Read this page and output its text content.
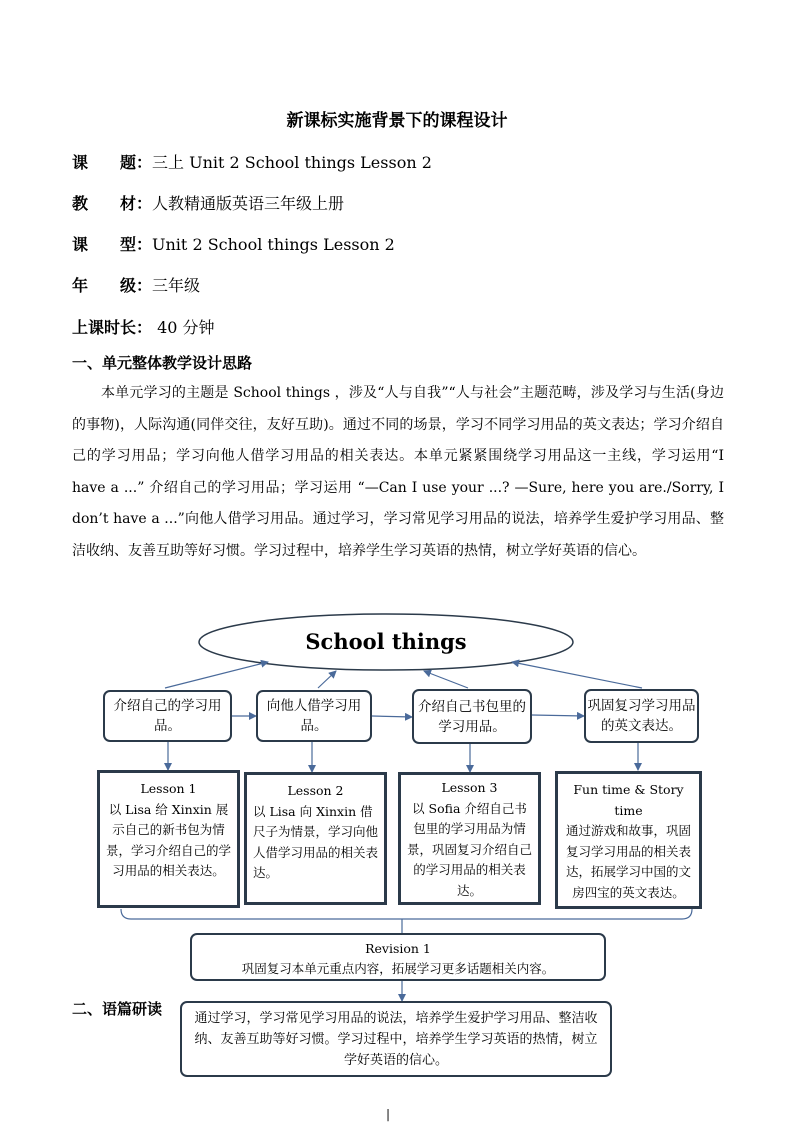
新课标实施背景下的课程设计
课　　题：三上 Unit 2 School things Lesson 2
教　　材：人教精通版英语三年级上册
课　　型：Unit 2 School things Lesson 2
年　　级：三年级
上课时长： 40 分钟
一、单元整体教学设计思路
本单元学习的主题是 School things ，涉及“人与自我”“人与社会”主题范畴，涉及学习与生活(身边的事物)，人际沟通(同伴交往，友好互助)。通过不同的场景，学习不同学习用品的英文表达；学习介绍自己的学习用品；学习向他人借学习用品的相关表达。本单元紧紧围绕学习用品这一主线，学习运用“I have a ...” 介绍自己的学习用品；学习运用 “—Can I use your ...? —Sure, here you are./Sorry, I don’t have a ...”向他人借学习用品。通过学习，学习常见学习用品的说法，培养学生爱护学习用品、整洁收纳、友善互助等好习惯。学习过程中，培养学生学习英语的热情，树立学好英语的信心。
School things
介绍自己的学习用品。
向他人借学习用品。
介绍自己书包里的学习用品。
巩固复习学习用品的英文表达。
Lesson 1
以 Lisa 给 Xinxin 展示自己的新书包为情景，学习介绍自己的学习用品的相关表达。
Lesson 2
以 Lisa 向 Xinxin 借尺子为情景，学习向他人借学习用品的相关表达。
Lesson 3
以 Sofia 介绍自己书包里的学习用品为情景，巩固复习介绍自己的学习用品的相关表达。
Fun time & Story time
通过游戏和故事，巩固复习学习用品的相关表达，拓展学习中国的文房四宝的英文表达。
Revision 1
巩固复习本单元重点内容，拓展学习更多话题相关内容。
二、语篇研读
通过学习，学习常见学习用品的说法，培养学生爱护学习用品、整洁收纳、友善互助等好习惯。学习过程中，培养学生学习英语的热情，树立学好英语的信心。
|
